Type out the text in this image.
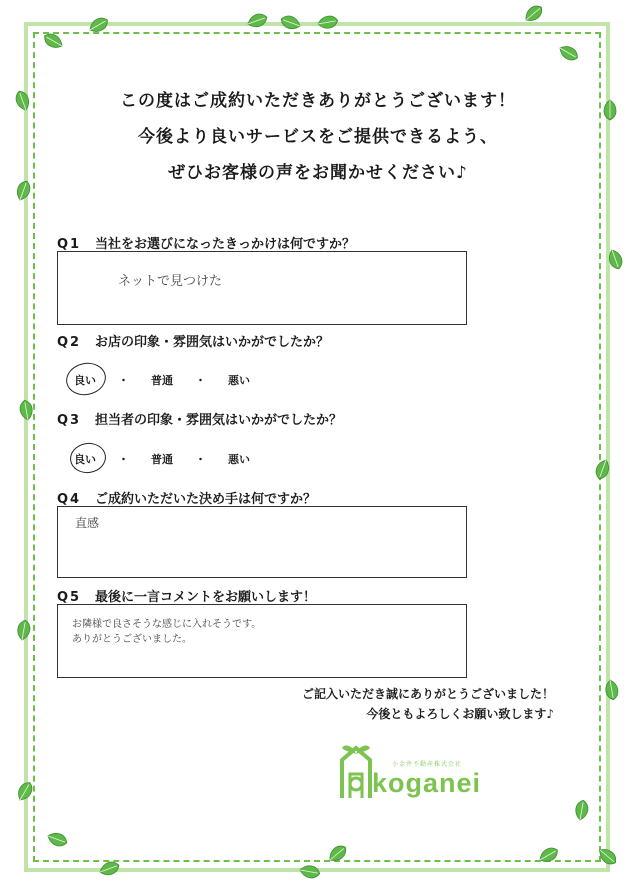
この度はご成約いただきありがとうございます！
今後より良いサービスをご提供できるよう、
ぜひお客様の声をお聞かせください♪
Q1 当社をお選びになったきっかけは何ですか？
ネットで見つけた
Q2 お店の印象・雰囲気はいかがでしたか？
良い ・ 普通 ・ 悪い
Q3 担当者の印象・雰囲気はいかがでしたか？
良い ・ 普通 ・ 悪い
Q4 ご成約いただいた決め手は何ですか？
直感
Q5 最後に一言コメントをお願いします！
お隣様で良さそうな感じに入れそうです。
ありがとうございました。
ご記入いただき誠にありがとうございました！
今後ともよろしくお願い致します♪
小金井不動産株式会社
koganei
